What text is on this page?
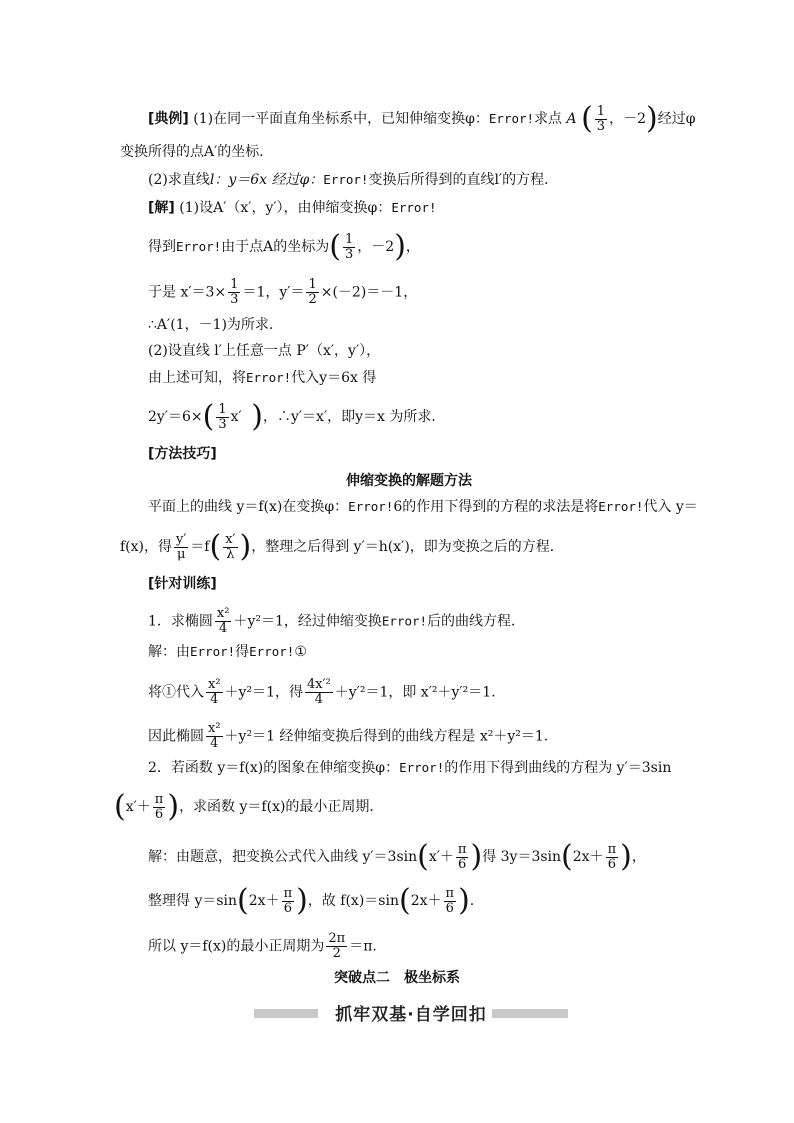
[典例] (1)在同一平面直角坐标系中，已知伸缩变换φ：Error!求点 A ( $\frac{1}{3}$ ，－2)经过φ
变换所得的点A′的坐标．
(2)求直线l：y＝6x 经过φ：Error!变换后所得到的直线l′的方程．
[解] (1)设A′（x′，y′），由伸缩变换φ：Error!
得到Error!由于点A的坐标为( $\frac{1}{3}$ ，－2)，
于是 $x'=3\times \frac{1}{3} =1$，$y'= \frac{1}{2} \times(-2)=-1$，
∴A′(1，－1)为所求．
(2)设直线 l′上任意一点 P′（x′，y′），
由上述可知，将Error!代入y＝6x 得
$2y'=6\times( \frac{1}{3} x'$ )，∴y′＝x′，即y＝x 为所求．
[方法技巧]
伸缩变换的解题方法
平面上的曲线 y＝f(x)在变换φ：Error!6的作用下得到的方程的求法是将Error!代入 y＝
f(x)，得 $\frac{y'}{\mu} =f( \frac{x'}{\lambda}$ )，整理之后得到 y′＝h(x′)，即为变换之后的方程．
[针对训练]
1．求椭圆 $\frac{\text{x²}}{4} +y^2=1$，经过伸缩变换Error!后的曲线方程．
解：由Error!得Error!①
将①代入 $\frac{\text{x²}}{4} +y^2=1$，得 $\frac{\text{4x′²}}{4} +y'^2=1$，即 x′²＋y′²＝1.
因此椭圆 $\frac{\text{x²}}{4} +y^2=1$ 经伸缩变换后得到的曲线方程是 x²＋y²＝1.
2．若函数 y＝f(x)的图象在伸缩变换φ：Error!的作用下得到曲线的方程为 y′＝3sin
($x'+ \frac{\pi}{6}$ )，求函数 y＝f(x)的最小正周期．
解：由题意，把变换公式代入曲线 $y'=3\sin(x'+ \frac{\pi}{6}$ )得 $3y=3\sin(2x+ \frac{\pi}{6}$ )，
整理得 $y=\sin(2x+ \frac{\pi}{6}$ )，故 $f(x)=\sin(2x+ \frac{\pi}{6}$ ).
所以 y＝f(x)的最小正周期为 $\frac{2\pi}{2} =\pi$.
突破点二　极坐标系
抓牢双基·自学回扣
